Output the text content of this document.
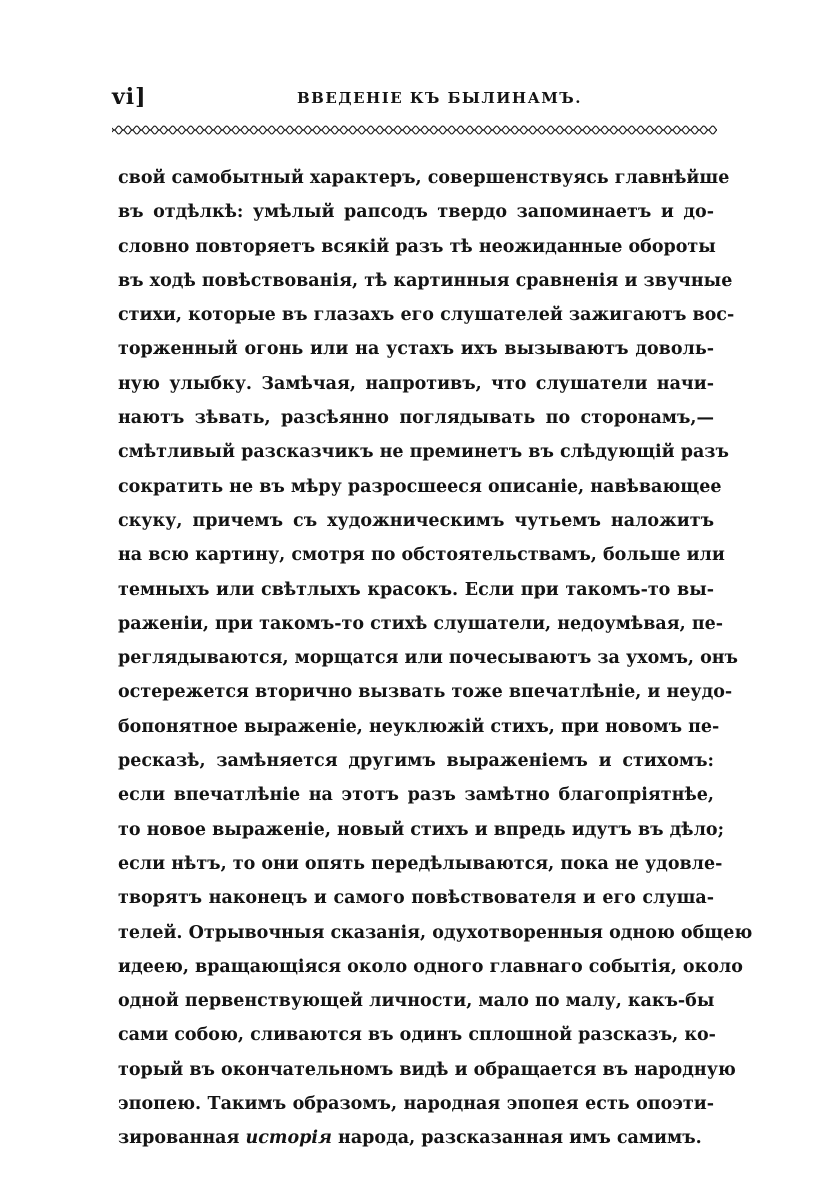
vi]	ВВЕДЕНІЕ КЪ БЫЛИНАМЪ.
свой самобытный характеръ, совершенствуясь главнѣйше
въ отдѣлкѣ: умѣлый рапсодъ твердо запоминаетъ и до-
словно повторяетъ всякій разъ тѣ неожиданные обороты
въ ходѣ повѣствованія, тѣ картинныя сравненія и звучные
стихи, которые въ глазахъ его слушателей зажигаютъ вос-
торженный огонь или на устахъ ихъ вызываютъ доволь-
ную улыбку. Замѣчая, напротивъ, что слушатели начи-
наютъ зѣвать, разсѣянно поглядывать по сторонамъ,—
смѣтливый разсказчикъ не преминетъ въ слѣдующій разъ
сократить не въ мѣру разросшееся описаніе, навѣвающее
скуку, причемъ съ художническимъ чутьемъ наложитъ
на всю картину, смотря по обстоятельствамъ, больше или
темныхъ или свѣтлыхъ красокъ. Если при такомъ-то вы-
раженіи, при такомъ-то стихѣ слушатели, недоумѣвая, пе-
реглядываются, морщатся или почесываютъ за ухомъ, онъ
остережется вторично вызвать тоже впечатлѣніе, и неудо-
бопонятное выраженіе, неуклюжій стихъ, при новомъ пе-
ресказѣ, замѣняется другимъ выраженіемъ и стихомъ:
если впечатлѣніе на этотъ разъ замѣтно благопріятнѣе,
то новое выраженіе, новый стихъ и впредь идутъ въ дѣло;
если нѣтъ, то они опять передѣлываются, пока не удовле-
творятъ наконецъ и самого повѣствователя и его слуша-
телей. Отрывочныя сказанія, одухотворенныя одною общею
идеею, вращающіяся около одного главнаго событія, около
одной первенствующей личности, мало по малу, какъ-бы
сами собою, сливаются въ одинъ сплошной разсказъ, ко-
торый въ окончательномъ видѣ и обращается въ народную
эпопею. Такимъ образомъ, народная эпопея есть опоэти-
зированная исторія народа, разсказанная имъ самимъ.
